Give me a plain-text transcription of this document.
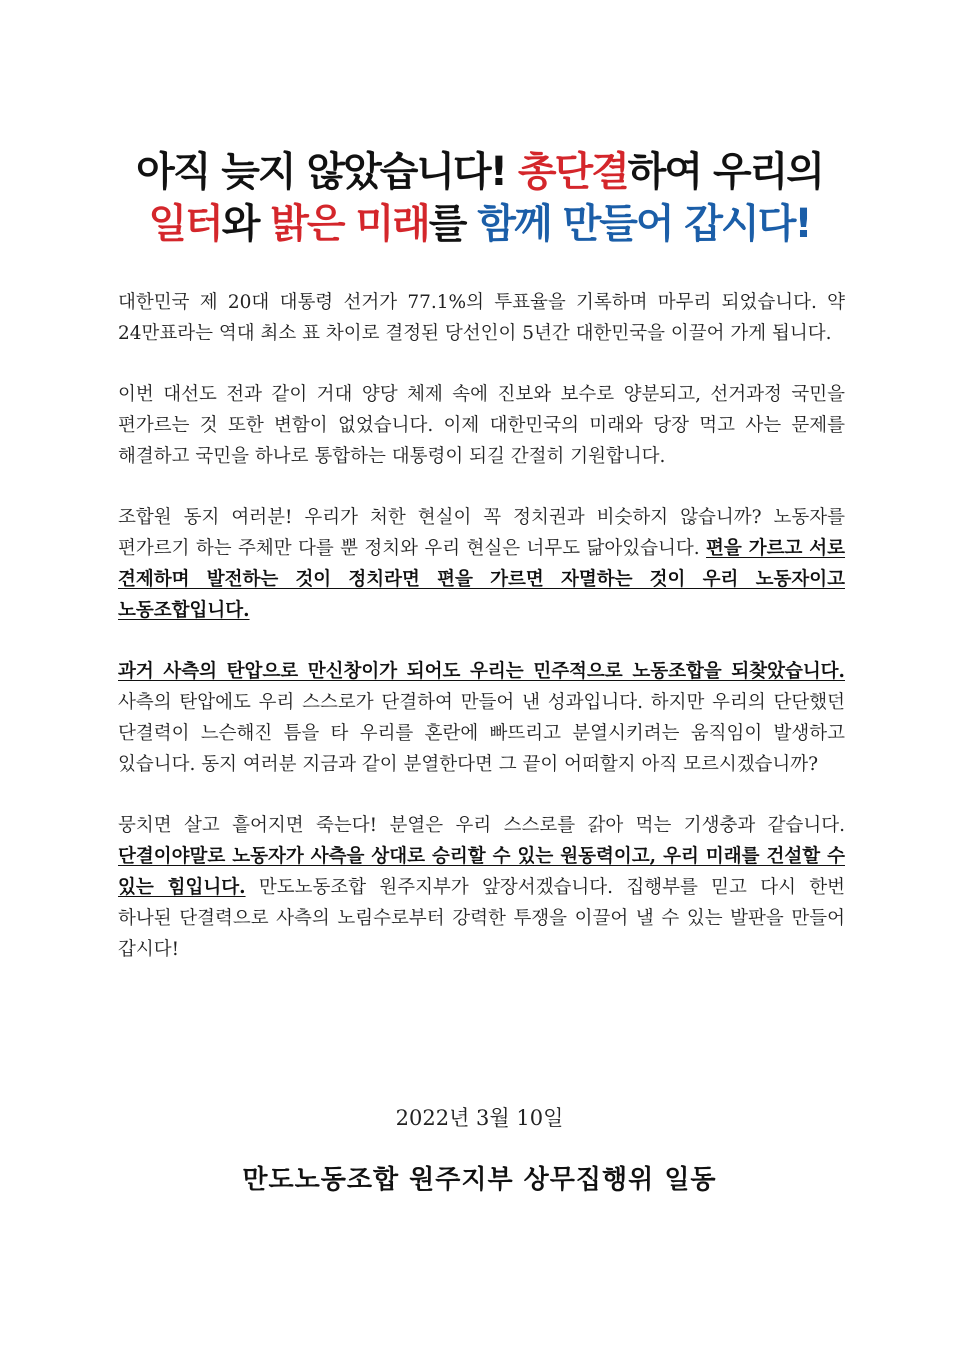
아직 늦지 않았습니다! 총단결하여 우리의
일터와 밝은 미래를 함께 만들어 갑시다!

대한민국 제 20대 대통령 선거가 77.1%의 투표율을 기록하며 마무리 되었습니다. 약 24만표라는 역대 최소 표 차이로 결정된 당선인이 5년간 대한민국을 이끌어 가게 됩니다.

이번 대선도 전과 같이 거대 양당 체제 속에 진보와 보수로 양분되고, 선거과정 국민을 편가르는 것 또한 변함이 없었습니다. 이제 대한민국의 미래와 당장 먹고 사는 문제를 해결하고 국민을 하나로 통합하는 대통령이 되길 간절히 기원합니다.

조합원 동지 여러분! 우리가 처한 현실이 꼭 정치권과 비슷하지 않습니까? 노동자를 편가르기 하는 주체만 다를 뿐 정치와 우리 현실은 너무도 닮아있습니다. 편을 가르고 서로 견제하며 발전하는 것이 정치라면 편을 가르면 자멸하는 것이 우리 노동자이고 노동조합입니다.

과거 사측의 탄압으로 만신창이가 되어도 우리는 민주적으로 노동조합을 되찾았습니다. 사측의 탄압에도 우리 스스로가 단결하여 만들어 낸 성과입니다. 하지만 우리의 단단했던 단결력이 느슨해진 틈을 타 우리를 혼란에 빠뜨리고 분열시키려는 움직임이 발생하고 있습니다. 동지 여러분 지금과 같이 분열한다면 그 끝이 어떠할지 아직 모르시겠습니까?

뭉치면 살고 흩어지면 죽는다! 분열은 우리 스스로를 갉아 먹는 기생충과 같습니다. 단결이야말로 노동자가 사측을 상대로 승리할 수 있는 원동력이고, 우리 미래를 건설할 수 있는 힘입니다. 만도노동조합 원주지부가 앞장서겠습니다. 집행부를 믿고 다시 한번 하나된 단결력으로 사측의 노림수로부터 강력한 투쟁을 이끌어 낼 수 있는 발판을 만들어 갑시다!

2022년 3월 10일
만도노동조합 원주지부 상무집행위 일동
